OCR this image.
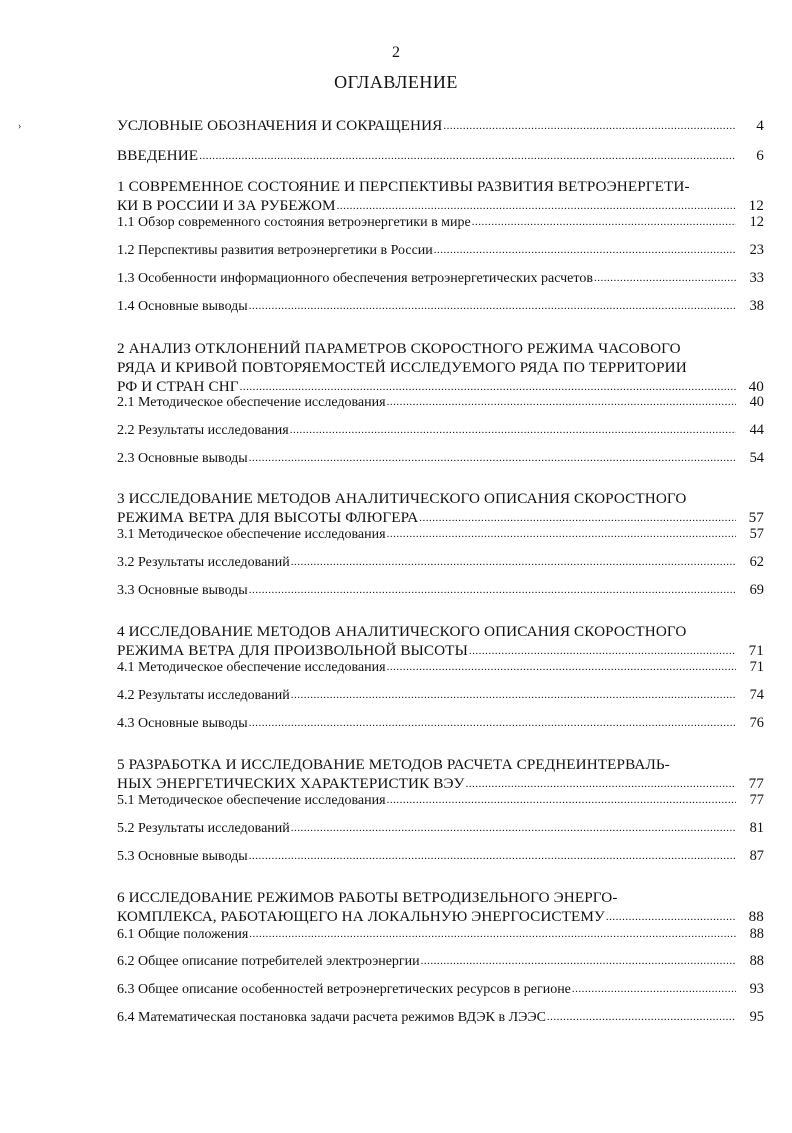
2
ОГЛАВЛЕНИЕ
›	УСЛОВНЫЕ ОБОЗНАЧЕНИЯ И СОКРАЩЕНИЯ .....	4
ВВЕДЕНИЕ .....	6
1 СОВРЕМЕННОЕ СОСТОЯНИЕ И ПЕРСПЕКТИВЫ РАЗВИТИЯ ВЕТРОЭНЕРГЕТИ-
КИ В РОССИИ И ЗА РУБЕЖОМ .....	12
1.1 Обзор современного состояния ветроэнергетики в мире .....	12
1.2 Перспективы развития ветроэнергетики в России .....	23
1.3 Особенности информационного обеспечения ветроэнергетических расчетов .....	33
1.4 Основные выводы .....	38
2 АНАЛИЗ ОТКЛОНЕНИЙ ПАРАМЕТРОВ СКОРОСТНОГО РЕЖИМА ЧАСОВОГО
РЯДА И КРИВОЙ ПОВТОРЯЕМОСТЕЙ ИССЛЕДУЕМОГО РЯДА ПО ТЕРРИТОРИИ
РФ И СТРАН СНГ .....	40
2.1 Методическое обеспечение исследования .....	40
2.2 Результаты исследования .....	44
2.3 Основные выводы .....	54
3 ИССЛЕДОВАНИЕ МЕТОДОВ АНАЛИТИЧЕСКОГО ОПИСАНИЯ СКОРОСТНОГО
РЕЖИМА ВЕТРА ДЛЯ ВЫСОТЫ ФЛЮГЕРА .....	57
3.1 Методическое обеспечение исследования .....	57
3.2 Результаты исследований .....	62
3.3 Основные выводы .....	69
4 ИССЛЕДОВАНИЕ МЕТОДОВ АНАЛИТИЧЕСКОГО ОПИСАНИЯ СКОРОСТНОГО
РЕЖИМА ВЕТРА ДЛЯ ПРОИЗВОЛЬНОЙ ВЫСОТЫ .....	71
4.1 Методическое обеспечение исследования .....	71
4.2 Результаты исследований .....	74
4.3 Основные выводы .....	76
5 РАЗРАБОТКА И ИССЛЕДОВАНИЕ МЕТОДОВ РАСЧЕТА СРЕДНЕИНТЕРВАЛЬ-
НЫХ ЭНЕРГЕТИЧЕСКИХ ХАРАКТЕРИСТИК ВЭУ .....	77
5.1 Методическое обеспечение исследования .....	77
5.2 Результаты исследований .....	81
5.3 Основные выводы .....	87
6 ИССЛЕДОВАНИЕ РЕЖИМОВ РАБОТЫ ВЕТРОДИЗЕЛЬНОГО ЭНЕРГО-
КОМПЛЕКСА, РАБОТАЮЩЕГО НА ЛОКАЛЬНУЮ ЭНЕРГОСИСТЕМУ .....	88
6.1 Общие положения .....	88
6.2 Общее описание потребителей электроэнергии .....	88
6.3 Общее описание особенностей ветроэнергетических ресурсов в регионе .....	93
6.4 Математическая постановка задачи расчета режимов ВДЭК в ЛЭЭС .....	95
